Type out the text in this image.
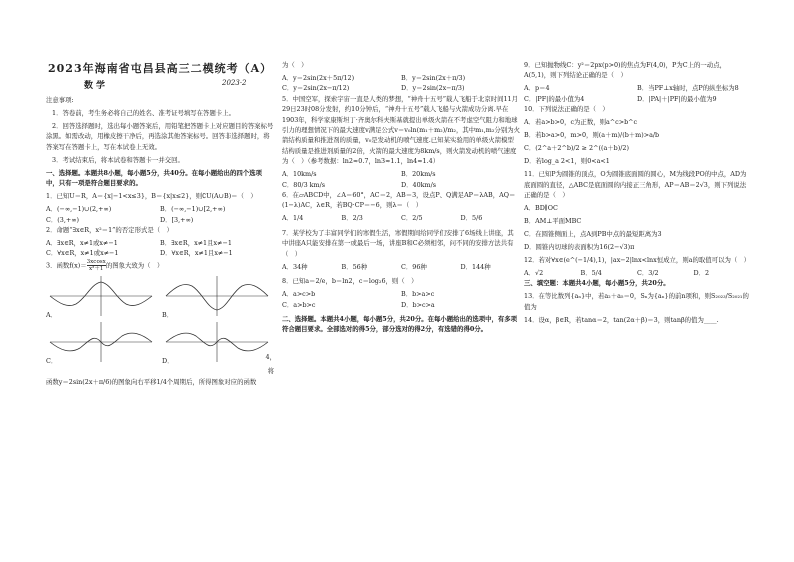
2023年海南省屯昌县高三二模统考（A）
数学	2023·2

注意事项:

1．答卷前，考生务必将自己的姓名、准考证号填写在答题卡上。

2．回答选择题时，选出每小题答案后，用铅笔把答题卡上对应题目的答案标号涂黑。如需改动，用橡皮擦干净后，再选涂其他答案标号。回答非选择题时，将答案写在答题卡上，写在本试卷上无效。

3．考试结束后，将本试卷和答题卡一并交回。

一、选择题。本题共8小题，每小题5分，共40分。在每小题给出的四个选项中，只有一项是符合题目要求的。

1．已知U＝R，A＝{x|−1<x≤3}，B＝{x|x≤2}，则∁U(A∪B)＝（　）

A．(−∞,−1)∪(2,+∞)	B．(−∞,−1)∪[2,+∞)
C．(3,+∞)	D．[3,+∞)

2．命题“∃x∈R，x²＝1”的否定形式是（　）

A．∃x∈R，x≠1或x≠−1	B．∃x∈R，x≠1且x≠−1
C．∀x∈R，x≠1或x≠−1	D．∀x∈R，x≠1且x≠−1

3．函数$f(x)= \frac{3xcosx}{\text{x²＋1}}$的图象大致为（　）

A．	B．
C．	D．	4，

将

函数y＝2sin(2x＋π/6)的图象向右平移1/4个周期后，所得图象对应的函数

为（　）

A．y＝2sin(2x＋5π/12)	B．y＝2sin(2x＋π/3)
C．y＝2sin(2x−π/12)	D．y＝2sin(2x−π/3)

5．中国空军，探索宇宙一直是人类的梦想，“神舟十五号”载人飞船于北京时间11月29日23时08分发射，约10分钟后，“神舟十五号”载人飞船与火箭成功分离.早在1903年，科学家康斯坦丁·齐奥尔科夫斯基就提出单级火箭在不考虑空气阻力和地球引力的理想情况下的最大速度v满足公式v＝v₀ln(m₁＋m₂)/m₂，其中m₁,m₂分别为火箭结构质量和推进剂的质量，v₀是发动机的喷气速度.已知某实验用的单级火箭模型结构质量是推进剂质量的2倍，火箭的最大速度为8km/s，则火箭发动机的喷气速度为（　）（参考数据：ln2≈0.7，ln3≈1.1，ln4≈1.4）

A．10km/s	B．20km/s
C．80/3 km/s	D．40km/s

6．在▱ABCD中，∠A＝60°，AC＝2，AB＝3，设点P、Q满足AP＝λAB，AQ＝(1−λ)AC，λ∈R，若BQ·CP＝−6，则λ＝（　）

A．1/4	B．2/3	C．2/5	D．5/6

7．某学校为了丰富同学们的寒假生活，寒假期间给同学们安排了6场线上讲座，其中讲座A只能安排在第一或最后一场，讲座B和C必须相邻，问不同的安排方法共有（　）

A．34种	B．56种	C．96种	D．144种

8．已知a＝2/e，b＝ln2，c＝log₂6，则（　）

A．a>c>b	B．b>a>c
C．a>b>c	D．b>c>a

二、选择题。本题共4小题，每小题5分，共20分。在每小题给出的选项中，有多项符合题目要求。全部选对的得5分，部分选对的得2分，有选错的得0分。

9．已知抛物线C：y²＝2px(p>0)的焦点为F(4,0)，P为C上的一动点，A(5,1)，则下列结论正确的是（　）

A．p＝4	B．当PF⊥x轴时，点P的纵坐标为8
C．|PF|的最小值为4	D．|PA|＋|PF|的最小值为9

10．下列说法正确的是（　）

A．若a>b>0，c为正数，则a^c>b^c

B．若b>a>0，m>0，则(a＋m)/(b＋m)>a/b

C．(2^a＋2^b)/2 ≥ 2^((a＋b)/2)

D．若log_a 2<1，则0<a<1

11．已知P为圆锥的顶点，O为圆锥底面圆的圆心，M为线段PO的中点，AD为底面圆的直径，△ABC是底面圆的内接正三角形，AP＝AB＝2√3，则下列说法正确的是（　）

A．BD∥OC

B．AM⊥平面MBC

C．在圆锥侧面上，点A到PB中点的最短距离为3

D．圆锥内切球的表面积为16(2−√3)π

12．若对∀x∈(e^(−1/4),1)，|ax−2|lnx<lnx恒成立，则a的取值可以为（　）

A．√2	B．5/4	C．3/2	D．2

三、填空题：本题共4小题，每小题5分，共20分。

13．在等比数列{aₙ}中，若a₂＋a₅＝0，Sₙ为{aₙ}的前n项和，则S₂₀₂₃/S₂₀₂₁的值为

14．设α，β∈R，若tanα＝2，tan(2α＋β)＝3，则tanβ的值为____.
